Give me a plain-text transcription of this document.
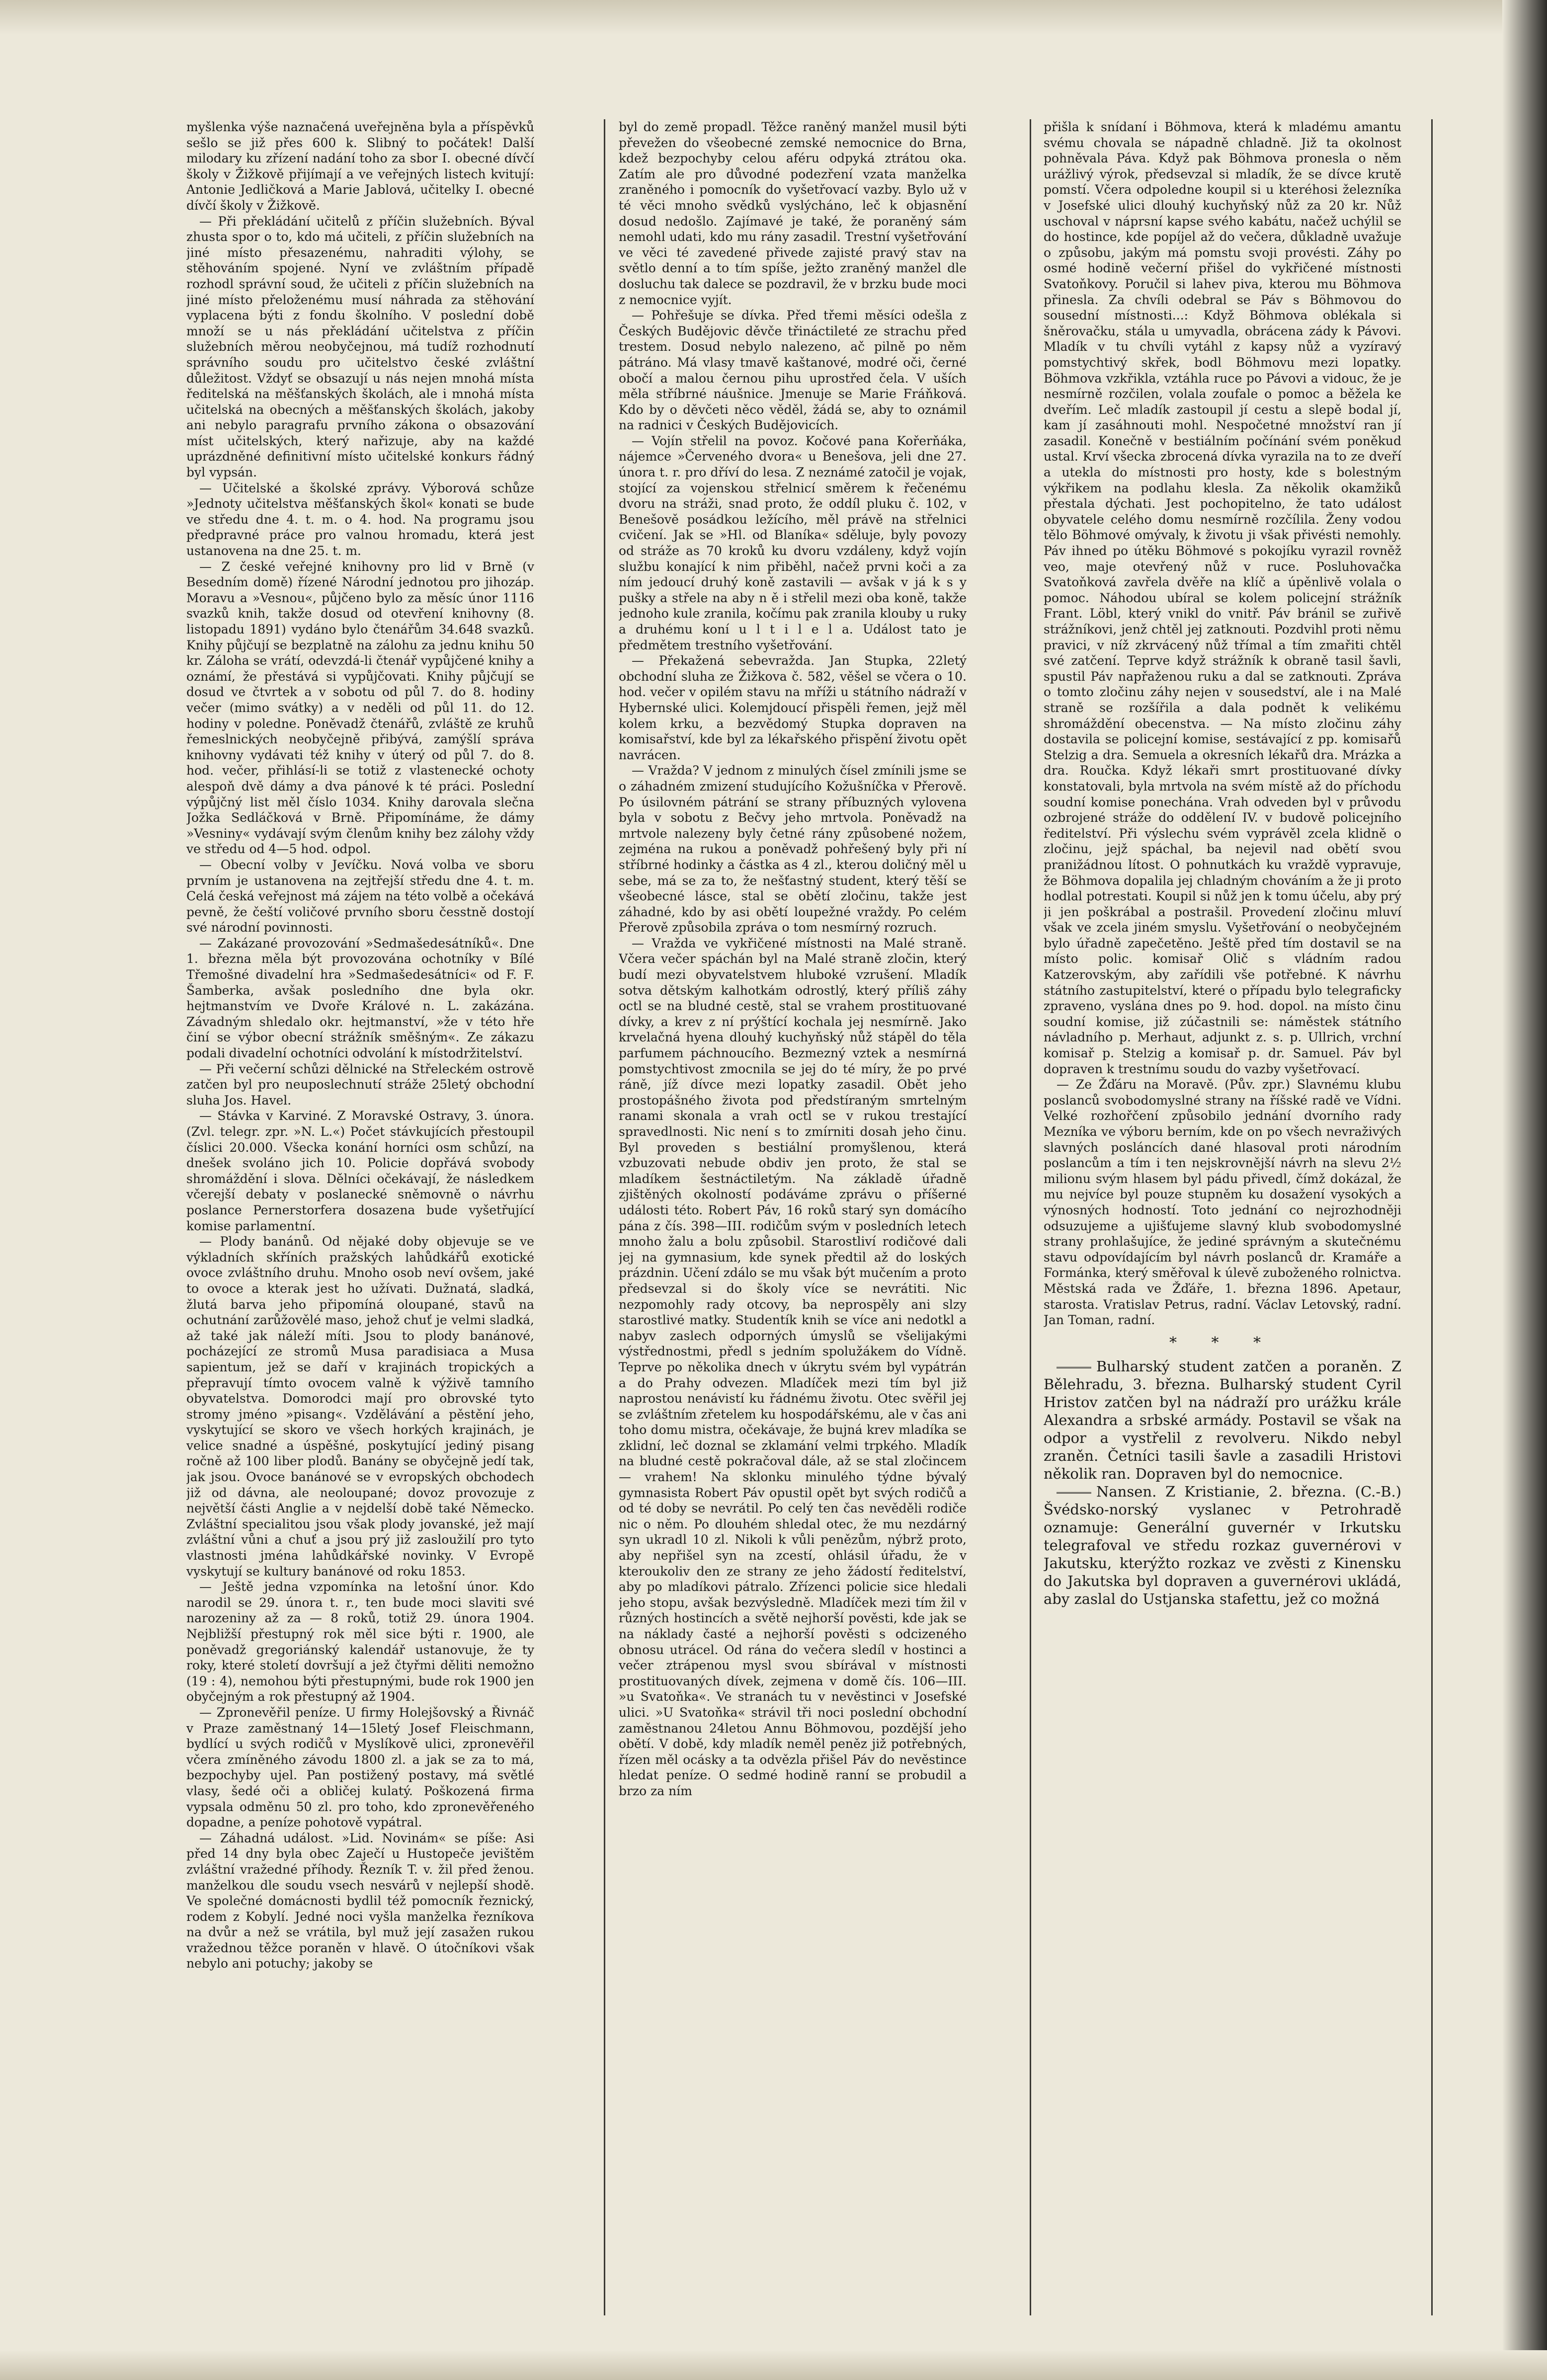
myšlenka výše naznačená uveřejněna byla a příspěvků sešlo se již přes 600 k. Slibný to počátek! Další milodary ku zřízení nadání toho za sbor I. obecné dívčí školy v Žižkově přijímají a ve veřejných listech kvitují: Antonie Jedličková a Marie Jablová, učitelky I. obecné dívčí školy v Žižkově.

— Při překládání učitelů z příčin služebních. Býval zhusta spor o to, kdo má učiteli, z příčin služebních na jiné místo přesazenému, nahraditi výlohy, se stěhováním spojené. Nyní ve zvláštním případě rozhodl správní soud, že učiteli z příčin služebních na jiné místo přeloženému musí náhrada za stěhování vyplacena býti z fondu školního. V poslední době množí se u nás překládání učitelstva z příčin služebních měrou neobyčejnou, má tudíž rozhodnutí správního soudu pro učitelstvo české zvláštní důležitost. Vždyť se obsazují u nás nejen mnohá místa ředitelská na měšťanských školách, ale i mnohá místa učitelská na obecných a měšťanských školách, jakoby ani nebylo paragrafu prvního zákona o obsazování míst učitelských, který nařizuje, aby na každé uprázdněné definitivní místo učitelské konkurs řádný byl vypsán.

— Učitelské a školské zprávy. Výborová schůze »Jednoty učitelstva měšťanských škol« konati se bude ve středu dne 4. t. m. o 4. hod. Na programu jsou předpravné práce pro valnou hromadu, která jest ustanovena na dne 25. t. m.

— Z české veřejné knihovny pro lid v Brně (v Besedním domě) řízené Národní jednotou pro jihozáp. Moravu a »Vesnou«, půjčeno bylo za měsíc únor 1116 svazků knih, takže dosud od otevření knihovny (8. listopadu 1891) vydáno bylo čtenářům 34.648 svazků. Knihy půjčují se bezplatně na zálohu za jednu knihu 50 kr. Záloha se vrátí, odevzdá-li čtenář vypůjčené knihy a oznámí, že přestává si vypůjčovati. Knihy půjčují se dosud ve čtvrtek a v sobotu od půl 7. do 8. hodiny večer (mimo svátky) a v neděli od půl 11. do 12. hodiny v poledne. Poněvadž čtenářů, zvláště ze kruhů řemeslnických neobyčejně přibývá, zamýšlí správa knihovny vydávati též knihy v úterý od půl 7. do 8. hod. večer, přihlásí-li se totiž z vlastenecké ochoty alespoň dvě dámy a dva pánové k té práci. Poslední výpůjčný list měl číslo 1034. Knihy darovala slečna Jožka Sedláčková v Brně. Připomínáme, že dámy »Vesniny« vydávají svým členům knihy bez zálohy vždy ve středu od 4—5 hod. odpol.

— Obecní volby v Jevíčku. Nová volba ve sboru prvním je ustanovena na zejtřejší středu dne 4. t. m. Celá česká veřejnost má zájem na této volbě a očekává pevně, že čeští voličové prvního sboru česstně dostojí své národní povinnosti.

— Zakázané provozování »Sedmašedesátníků«. Dne 1. března měla být provozována ochotníky v Bílé Třemošné divadelní hra »Sedmašedesátníci« od F. F. Šamberka, avšak posledního dne byla okr. hejtmanstvím ve Dvoře Králové n. L. zakázána. Závadným shledalo okr. hejtmanství, »že v této hře činí se výbor obecní strážník směšným«. Ze zákazu podali divadelní ochotníci odvolání k místodržitelství.

— Při večerní schůzi dělnické na Střeleckém ostrově zatčen byl pro neuposlechnutí stráže 25letý obchodní sluha Jos. Havel.

— Stávka v Karviné. Z Moravské Ostravy, 3. února. (Zvl. telegr. zpr. »N. L.«) Počet stávkujících přestoupil číslici 20.000. Všecka konání horníci osm schůzí, na dnešek svoláno jich 10. Policie dopřává svobody shromáždění i slova. Dělníci očekávají, že následkem včerejší debaty v poslanecké sněmovně o návrhu poslance Pernerstorfera dosazena bude vyšetřující komise parlamentní.

— Plody banánů. Od nějaké doby objevuje se ve výkladních skříních pražských lahůdkářů exotické ovoce zvláštního druhu. Mnoho osob neví ovšem, jaké to ovoce a kterak jest ho užívati. Dužnatá, sladká, žlutá barva jeho připomíná oloupané, stavů na ochutnání zarůžovělé maso, jehož chuť je velmi sladká, až také jak náleží míti. Jsou to plody banánové, pocházející ze stromů Musa paradisiaca a Musa sapientum, jež se daří v krajinách tropických a přepravují tímto ovocem valně k výživě tamního obyvatelstva. Domorodci mají pro obrovské tyto stromy jméno »pisang«. Vzdělávání a pěstění jeho, vyskytující se skoro ve všech horkých krajinách, je velice snadné a úspěšné, poskytující jediný pisang ročně až 100 liber plodů. Banány se obyčejně jedí tak, jak jsou. Ovoce banánové se v evropských obchodech již od dávna, ale neoloupané; dovoz provozuje z největší části Anglie a v nejdelší době také Německo. Zvláštní specialitou jsou však plody jovanské, jež mají zvláštní vůni a chuť a jsou prý již zasloužilí pro tyto vlastnosti jména lahůdkářské novinky. V Evropě vyskytují se kultury banánové od roku 1853.

— Ještě jedna vzpomínka na letošní únor. Kdo narodil se 29. února t. r., ten bude moci slaviti své narozeniny až za — 8 roků, totiž 29. února 1904. Nejbližší přestupný rok měl sice býti r. 1900, ale poněvadž gregoriánský kalendář ustanovuje, že ty roky, které století dovršují a jež čtyřmi děliti nemožno (19 : 4), nemohou býti přestupnými, bude rok 1900 jen obyčejným a rok přestupný až 1904.

— Zpronevěřil peníze. U firmy Holejšovský a Řivnáč v Praze zaměstnaný 14—15letý Josef Fleischmann, bydlící u svých rodičů v Myslíkově ulici, zpronevěřil včera zmíněného závodu 1800 zl. a jak se za to má, bezpochyby ujel. Pan postižený postavy, má světlé vlasy, šedé oči a obličej kulatý. Poškozená firma vypsala odměnu 50 zl. pro toho, kdo zpronevěřeného dopadne, a peníze pohotově vypátral.

— Záhadná událost. »Lid. Novinám« se píše: Asi před 14 dny byla obec Zaječí u Hustopeče jevištěm zvláštní vražedné příhody. Řezník T. v. žil před ženou. manželkou dle soudu vsech nesvárů v nejlepší shodě. Ve společné domácnosti bydlil též pomocník řeznický, rodem z Kobylí. Jedné noci vyšla manželka řezníkova na dvůr a než se vrátila, byl muž její zasažen rukou vražednou těžce poraněn v hlavě. O útočníkovi však nebylo ani potuchy; jakoby se

byl do země propadl. Těžce raněný manžel musil býti převežen do všeobecné zemské nemocnice do Brna, kdež bezpochyby celou aféru odpyká ztrátou oka. Zatím ale pro důvodné podezření vzata manželka zraněného i pomocník do vyšetřovací vazby. Bylo už v té věci mnoho svědků vyslýcháno, leč k objasnění dosud nedošlo. Zajímavé je také, že poraněný sám nemohl udati, kdo mu rány zasadil. Trestní vyšetřování ve věci té zavedené přivede zajisté pravý stav na světlo denní a to tím spíše, ježto zraněný manžel dle dosluchu tak dalece se pozdravil, že v brzku bude moci z nemocnice vyjít.

— Pohřešuje se dívka. Před třemi měsíci odešla z Českých Budějovic děvče třináctileté ze strachu před trestem. Dosud nebylo nalezeno, ač pilně po něm pátráno. Má vlasy tmavě kaštanové, modré oči, černé obočí a malou černou pihu uprostřed čela. V uších měla stříbrné náušnice. Jmenuje se Marie Fráňková. Kdo by o děvčeti něco věděl, žádá se, aby to oznámil na radnici v Českých Budějovicích.

— Vojín střelil na povoz. Kočové pana Kořerňáka, nájemce »Červeného dvora« u Benešova, jeli dne 27. února t. r. pro dříví do lesa. Z neznámé zatočil je vojak, stojící za vojenskou střelnicí směrem k řečenému dvoru na stráži, snad proto, že oddíl pluku č. 102, v Benešově posádkou ležícího, měl právě na střelnici cvičení. Jak se »Hl. od Blaníka« sděluje, byly povozy od stráže as 70 kroků ku dvoru vzdáleny, když vojín službu konající k nim přiběhl, načež prvni koči a za ním jedoucí druhý koně zastavili — avšak v já k s y pušky a střele na aby n ě i střelil mezi oba koně, takže jednoho kule zranila, kočímu pak zranila klouby u ruky a druhému koní u l t i l e l a. Událost tato je předmětem trestního vyšetřování.

— Překažená sebevražda. Jan Stupka, 22letý obchodní sluha ze Žižkova č. 582, věšel se včera o 10. hod. večer v opilém stavu na mříži u státního nádraží v Hybernské ulici. Kolemjdoucí přispěli řemen, jejž měl kolem krku, a bezvědomý Stupka dopraven na komisařství, kde byl za lékařského přispění životu opět navrácen.

— Vražda? V jednom z minulých čísel zmínili jsme se o záhadném zmizení studujícího Kožušníčka v Přerově. Po úsilovném pátrání se strany příbuzných vylovena byla v sobotu z Bečvy jeho mrtvola. Poněvadž na mrtvole nalezeny byly četné rány způsobené nožem, zejména na rukou a poněvadž pohřešený byly při ní stříbrné hodinky a částka as 4 zl., kterou doličný měl u sebe, má se za to, že nešťastný student, který těší se všeobecné lásce, stal se obětí zločinu, takže jest záhadné, kdo by asi obětí loupežné vraždy. Po celém Přerově způsobila zpráva o tom nesmírný rozruch.

— Vražda ve vykřičené místnosti na Malé straně. Včera večer spáchán byl na Malé straně zločin, který budí mezi obyvatelstvem hluboké vzrušení. Mladík sotva dětským kalhotkám odrostlý, který příliš záhy octl se na bludné cestě, stal se vrahem prostituované dívky, a krev z ní prýštící kochala jej nesmírně. Jako krvelačná hyena dlouhý kuchyňský nůž stápěl do těla parfumem páchnoucího. Bezmezný vztek a nesmírná pomstychtivost zmocnila se jej do té míry, že po prvé ráně, jíž dívce mezi lopatky zasadil. Obět jeho prostopášného života pod předstíraným smrtelným ranami skonala a vrah octl se v rukou trestající spravedlnosti. Nic není s to zmírniti dosah jeho činu. Byl proveden s bestiální promyšlenou, která vzbuzovati nebude obdiv jen proto, že stal se mladíkem šestnáctiletým. Na základě úřadně zjištěných okolností podáváme zprávu o příšerné události této. Robert Páv, 16 roků starý syn domácího pána z čís. 398—III. rodičům svým v posledních letech mnoho žalu a bolu způsobil. Starostliví rodičové dali jej na gymnasium, kde synek předtil až do loských prázdnin. Učení zdálo se mu však být mučením a proto předsevzal si do školy více se nevrátiti. Nic nezpomohly rady otcovy, ba neprospěly ani slzy starostlivé matky. Studentík knih se více ani nedotkl a nabyv zaslech odporných úmyslů se všelijakými výstřednostmi, předl s jedním spolužákem do Vídně. Teprve po několika dnech v úkrytu svém byl vypátrán a do Prahy odvezen. Mladíček mezi tím byl již naprostou nenávistí ku řádnému životu. Otec svěřil jej se zvláštním zřetelem ku hospodářskému, ale v čas ani toho domu mistra, očekávaje, že bujná krev mladíka se zklidní, leč doznal se zklamání velmi trpkého. Mladík na bludné cestě pokračoval dále, až se stal zločincem — vrahem! Na sklonku minulého týdne bývalý gymnasista Robert Páv opustil opět byt svých rodičů a od té doby se nevrátil. Po celý ten čas nevěděli rodiče nic o něm. Po dlouhém shledal otec, že mu nezdárný syn ukradl 10 zl. Nikoli k vůli penězům, nýbrž proto, aby nepřišel syn na zcestí, ohlásil úřadu, že v kteroukoliv den ze strany ze jeho žádostí ředitelství, aby po mladíkovi pátralo. Zřízenci policie sice hledali jeho stopu, avšak bezvýsledně. Mladíček mezi tím žil v různých hostincích a světě nejhorší pověsti, kde jak se na náklady časté a nejhorší pověsti s odcizeného obnosu utrácel. Od rána do večera sledíl v hostinci a večer ztrápenou mysl svou sbírával v místnosti prostituovaných dívek, zejmena v domě čís. 106—III. »u Svatoňka«. Ve stranách tu v nevěstinci v Josefské ulici. »U Svatoňka« strávil tři noci poslední obchodní zaměstnanou 24letou Annu Böhmovou, pozdější jeho obětí. V době, kdy mladík neměl peněz již potřebných, řízen měl ocásky a ta odvězla přišel Páv do nevěstince hledat peníze. O sedmé hodině ranní se probudil a brzo za ním

přišla k snídaní i Böhmova, která k mladému amantu svému chovala se nápadně chladně. Již ta okolnost pohněvala Páva. Když pak Böhmova pronesla o něm urážlivý výrok, předsevzal si mladík, že se dívce krutě pomstí. Včera odpoledne koupil si u kteréhosi železníka v Josefské ulici dlouhý kuchyňský nůž za 20 kr. Nůž uschoval v náprsní kapse svého kabátu, načež uchýlil se do hostince, kde popíjel až do večera, důkladně uvažuje o způsobu, jakým má pomstu svoji provésti. Záhy po osmé hodině večerní přišel do vykřičené místnosti Svatoňkovy. Poručil si lahev piva, kterou mu Böhmova přinesla. Za chvíli odebral se Páv s Böhmovou do sousední místnosti...: Když Böhmova oblékala si šněrovačku, stála u umyvadla, obrácena zády k Pávovi. Mladík v tu chvíli vytáhl z kapsy nůž a vyzíravý pomstychtivý skřek, bodl Böhmovu mezi lopatky. Böhmova vzkřikla, vztáhla ruce po Pávovi a vidouc, že je nesmírně rozčilen, volala zoufale o pomoc a běžela ke dveřím. Leč mladík zastoupil jí cestu a slepě bodal jí, kam jí zasáhnouti mohl. Nespočetné množství ran jí zasadil. Konečně v bestiálním počínání svém poněkud ustal. Krví všecka zbrocená dívka vyrazila na to ze dveří a utekla do místnosti pro hosty, kde s bolestným výkřikem na podlahu klesla. Za několik okamžiků přestala dýchati. Jest pochopitelno, že tato událost obyvatele celého domu nesmírně rozčílila. Ženy vodou tělo Böhmové omývaly, k životu ji však přivésti nemohly. Páv ihned po útěku Böhmové s pokojíku vyrazil rovněž veo, maje otevřený nůž v ruce. Posluhovačka Svatoňková zavřela dvěře na klíč a úpěnlivě volala o pomoc. Náhodou ubíral se kolem policejní strážník Frant. Löbl, který vnikl do vnitř. Páv bránil se zuřivě strážníkovi, jenž chtěl jej zatknouti. Pozdvihl proti němu pravici, v níž zkrvácený nůž třímal a tím zmařiti chtěl své zatčení. Teprve když strážník k obraně tasil šavli, spustil Páv napřaženou ruku a dal se zatknouti. Zpráva o tomto zločinu záhy nejen v sousedství, ale i na Malé straně se rozšířila a dala podnět k velikému shromáždění obecenstva. — Na místo zločinu záhy dostavila se policejní komise, sestávající z pp. komisařů Stelzig a dra. Semuela a okresních lékařů dra. Mrázka a dra. Roučka. Když lékaři smrt prostituované dívky konstatovali, byla mrtvola na svém místě až do příchodu soudní komise ponechána. Vrah odveden byl v průvodu ozbrojené stráže do oddělení IV. v budově policejního ředitelství. Při výslechu svém vyprávěl zcela klidně o zločinu, jejž spáchal, ba nejevil nad obětí svou pranižádnou lítost. O pohnutkách ku vraždě vypravuje, že Böhmova dopalila jej chladným chováním a že ji proto hodlal potrestati. Koupil si nůž jen k tomu účelu, aby prý ji jen poškrábal a postrašil. Provedení zločinu mluví však ve zcela jiném smyslu. Vyšetřování o neobyčejném bylo úřadně zapečetěno. Ještě před tím dostavil se na místo polic. komisař Olič s vládním radou Katzerovským, aby zařídili vše potřebné. K návrhu státního zastupitelství, které o případu bylo telegraficky zpraveno, vyslána dnes po 9. hod. dopol. na místo činu soudní komise, již zúčastnili se: náměstek státního návladního p. Merhaut, adjunkt z. s. p. Ullrich, vrchní komisař p. Stelzig a komisař p. dr. Samuel. Páv byl dopraven k trestnímu soudu do vazby vyšetřovací.

— Ze Žďáru na Moravě. (Pův. zpr.) Slavnému klubu poslanců svobodomyslné strany na říšské radě ve Vídni. Velké rozhořčení způsobilo jednání dvorního rady Mezníka ve výboru berním, kde on po všech nevraživých slavných posláncích dané hlasoval proti národním poslancům a tím i ten nejskrovnější návrh na slevu 2½ milionu svým hlasem byl pádu přivedl, čímž dokázal, že mu nejvíce byl pouze stupněm ku dosažení vysokých a výnosných hodností. Toto jednání co nejrozhodněji odsuzujeme a ujišťujeme slavný klub svobodomyslné strany prohlašujíce, že jediné správným a skutečnému stavu odpovídajícím byl návrh poslanců dr. Kramáře a Formánka, který směřoval k úlevě zuboženého rolnictva. Městská rada ve Žďáře, 1. března 1896. Apetaur, starosta. Vratislav Petrus, radní. Václav Letovský, radní. Jan Toman, radní.

* * *

Bulharský student zatčen a poraněn. Z Bělehradu, 3. března. Bulharský student Cyril Hristov zatčen byl na nádraží pro urážku krále Alexandra a srbské armády. Postavil se však na odpor a vystřelil z revolveru. Nikdo nebyl zraněn. Četníci tasili šavle a zasadili Hristovi několik ran. Dopraven byl do nemocnice.

Nansen. Z Kristianie, 2. března. (C.-B.) Švédsko-norský vyslanec v Petrohradě oznamuje: Generální guvernér v Irkutsku telegrafoval ve středu rozkaz guvernérovi v Jakutsku, kterýžto rozkaz ve zvěsti z Kinensku do Jakutska byl dopraven a guvernérovi ukládá, aby zaslal do Ustjanska stafettu, jež co možná
